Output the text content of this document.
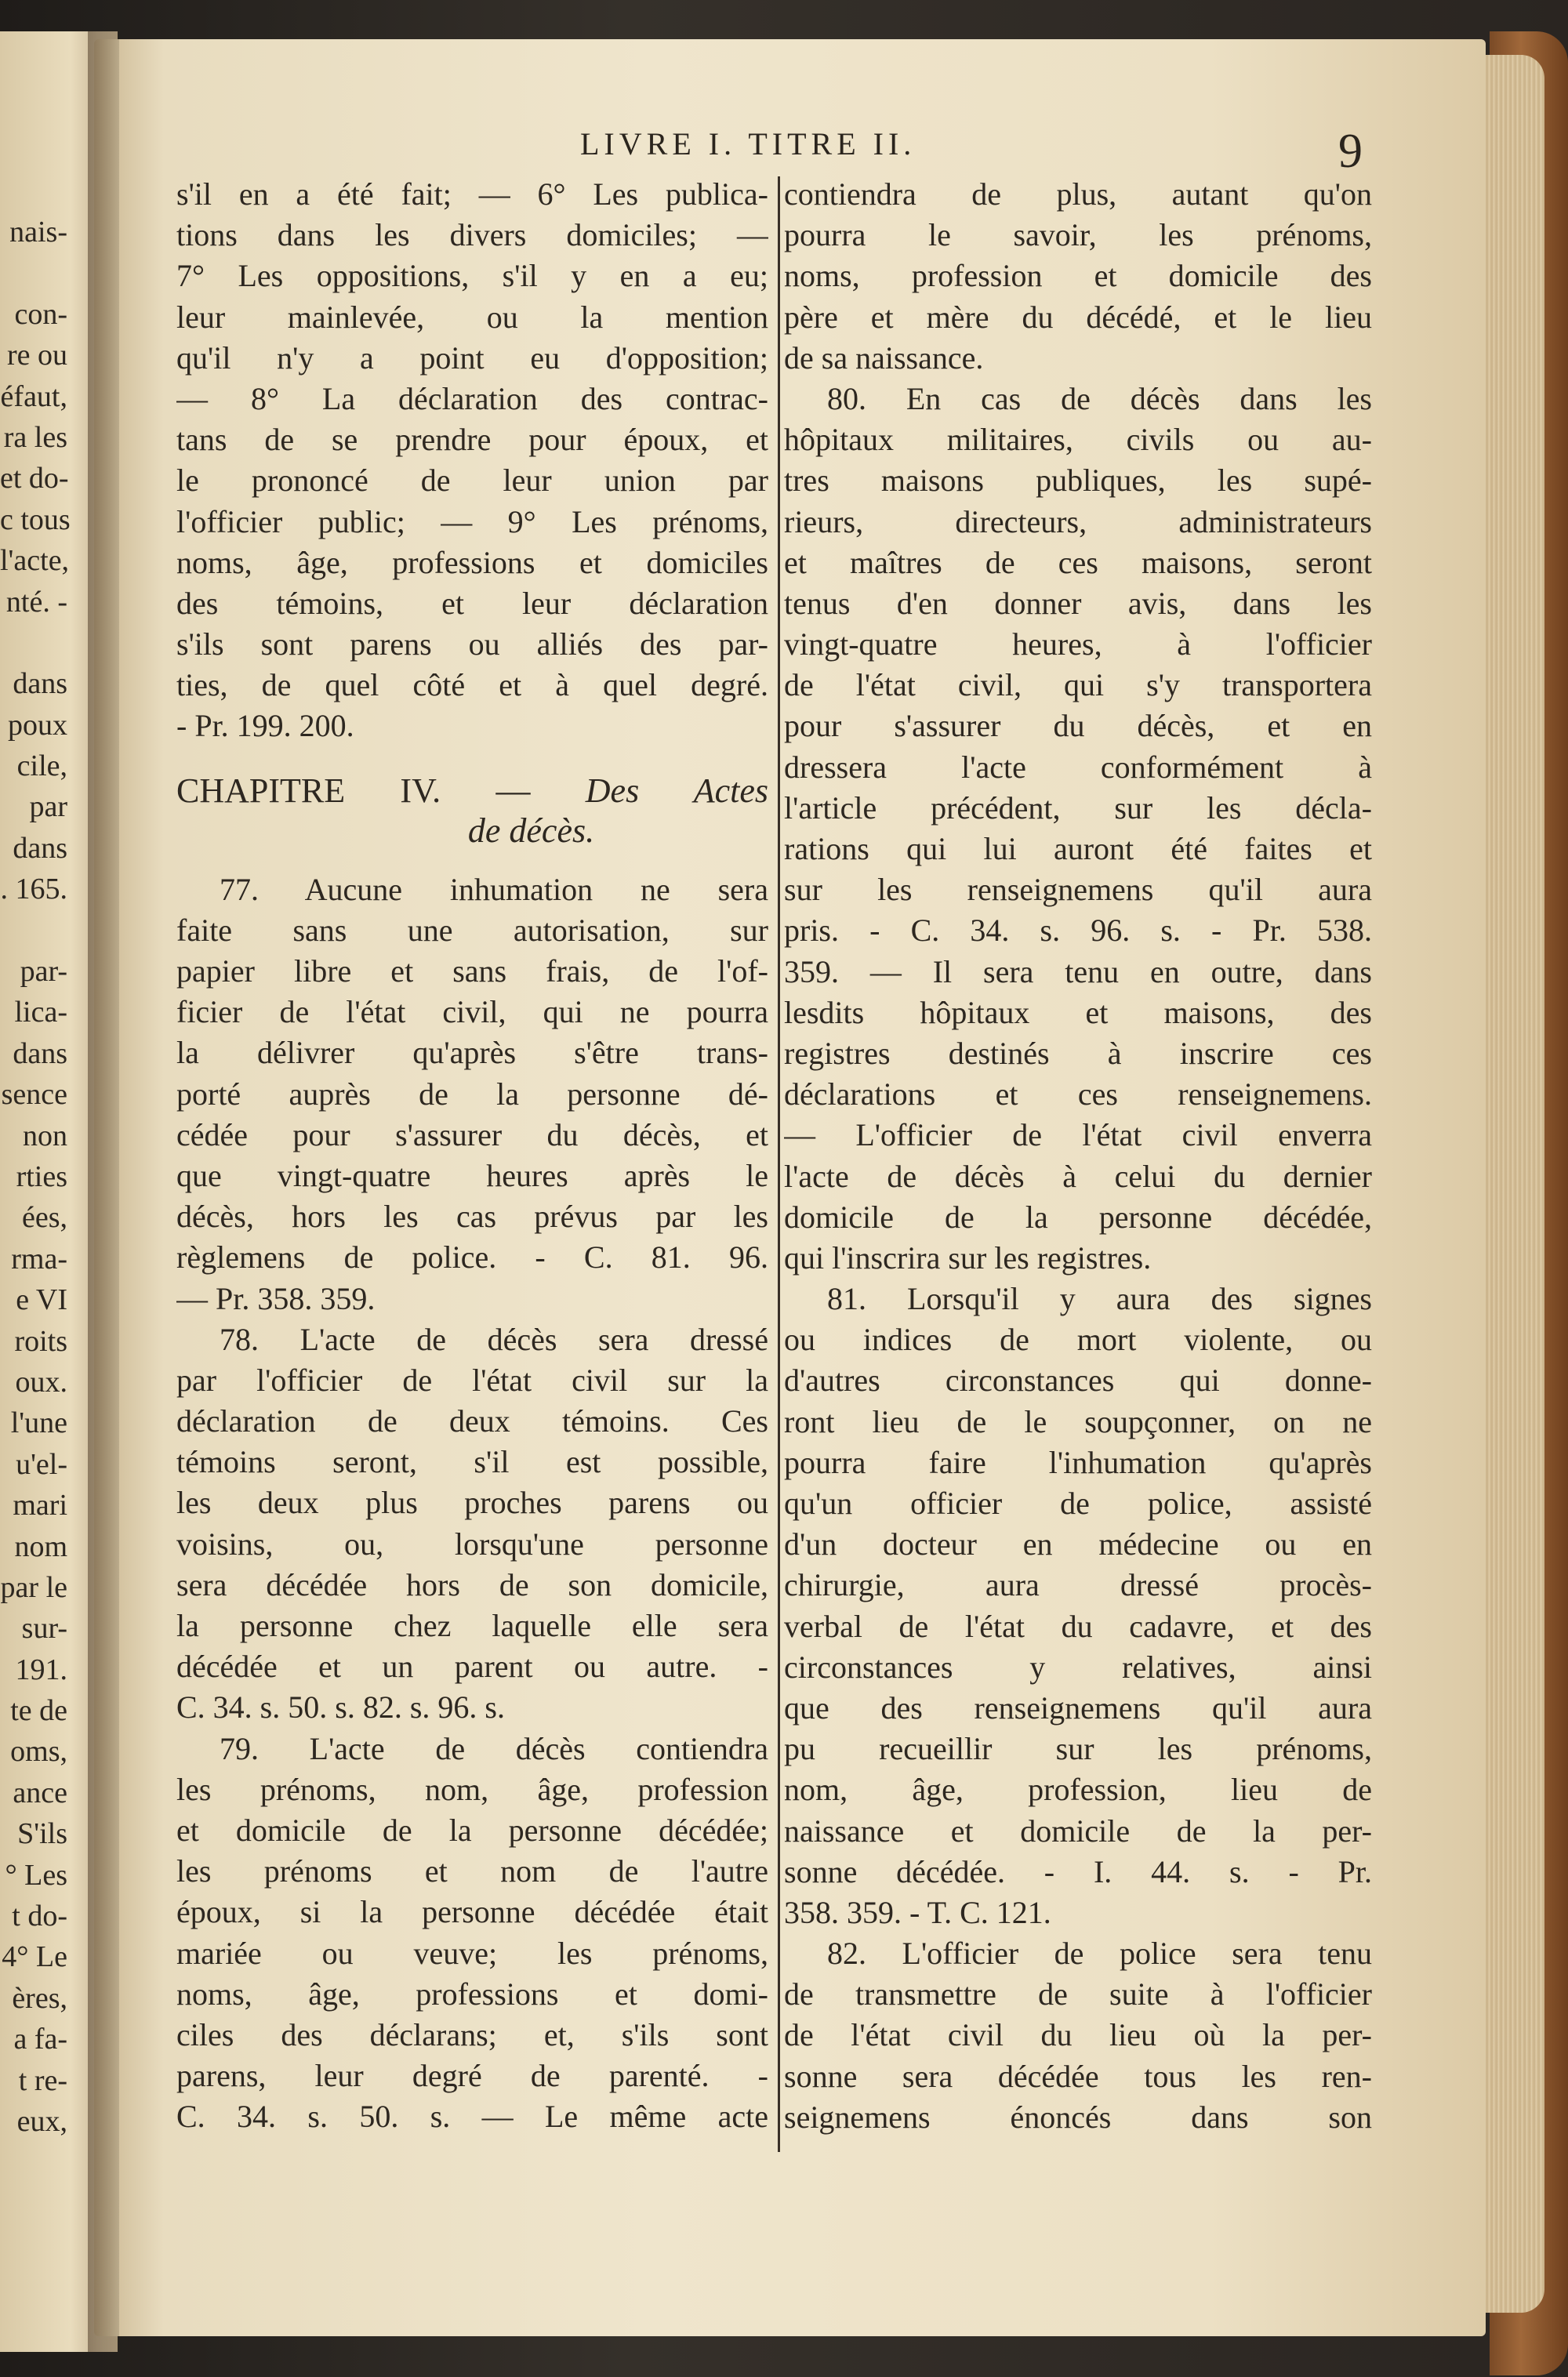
nais-
con-
re ou
éfaut,
ra les
et do-
c tous
l'acte,
nté. -
dans
poux
cile,
par
dans
. 165.
par-
lica-
dans
sence
non
rties
ées,
rma-
e VI
roits
oux.
l'une
u'el-
mari
nom
par le
sur-
191.
te de
oms,
ance
S'ils
° Les
t do-
4° Le
ères,
a fa-
t re-
eux,
LIVRE I. TITRE II.	9
s'il en a été fait; — 6° Les publica-
tions dans les divers domiciles; —
7° Les oppositions, s'il y en a eu;
leur mainlevée, ou la mention
qu'il n'y a point eu d'opposition;
— 8° La déclaration des contrac-
tans de se prendre pour époux, et
le prononcé de leur union par
l'officier public; — 9° Les prénoms,
noms, âge, professions et domiciles
des témoins, et leur déclaration
s'ils sont parens ou alliés des par-
ties, de quel côté et à quel degré.
- Pr. 199. 200.
CHAPITRE IV. — Des Actes
de décès.
77. Aucune inhumation ne sera
faite sans une autorisation, sur
papier libre et sans frais, de l'of-
ficier de l'état civil, qui ne pourra
la délivrer qu'après s'être trans-
porté auprès de la personne dé-
cédée pour s'assurer du décès, et
que vingt-quatre heures après le
décès, hors les cas prévus par les
règlemens de police. - C. 81. 96.
— Pr. 358. 359.
78. L'acte de décès sera dressé
par l'officier de l'état civil sur la
déclaration de deux témoins. Ces
témoins seront, s'il est possible,
les deux plus proches parens ou
voisins, ou, lorsqu'une personne
sera décédée hors de son domicile,
la personne chez laquelle elle sera
décédée et un parent ou autre. -
C. 34. s. 50. s. 82. s. 96. s.
79. L'acte de décès contiendra
les prénoms, nom, âge, profession
et domicile de la personne décédée;
les prénoms et nom de l'autre
époux, si la personne décédée était
mariée ou veuve; les prénoms,
noms, âge, professions et domi-
ciles des déclarans; et, s'ils sont
parens, leur degré de parenté. -
C. 34. s. 50. s. — Le même acte
contiendra de plus, autant qu'on
pourra le savoir, les prénoms,
noms, profession et domicile des
père et mère du décédé, et le lieu
de sa naissance.
80. En cas de décès dans les
hôpitaux militaires, civils ou au-
tres maisons publiques, les supé-
rieurs, directeurs, administrateurs
et maîtres de ces maisons, seront
tenus d'en donner avis, dans les
vingt-quatre heures, à l'officier
de l'état civil, qui s'y transportera
pour s'assurer du décès, et en
dressera l'acte conformément à
l'article précédent, sur les décla-
rations qui lui auront été faites et
sur les renseignemens qu'il aura
pris. - C. 34. s. 96. s. - Pr. 538.
359. — Il sera tenu en outre, dans
lesdits hôpitaux et maisons, des
registres destinés à inscrire ces
déclarations et ces renseignemens.
— L'officier de l'état civil enverra
l'acte de décès à celui du dernier
domicile de la personne décédée,
qui l'inscrira sur les registres.
81. Lorsqu'il y aura des signes
ou indices de mort violente, ou
d'autres circonstances qui donne-
ront lieu de le soupçonner, on ne
pourra faire l'inhumation qu'après
qu'un officier de police, assisté
d'un docteur en médecine ou en
chirurgie, aura dressé procès-
verbal de l'état du cadavre, et des
circonstances y relatives, ainsi
que des renseignemens qu'il aura
pu recueillir sur les prénoms,
nom, âge, profession, lieu de
naissance et domicile de la per-
sonne décédée. - I. 44. s. - Pr.
358. 359. - T. C. 121.
82. L'officier de police sera tenu
de transmettre de suite à l'officier
de l'état civil du lieu où la per-
sonne sera décédée tous les ren-
seignemens énoncés dans son
